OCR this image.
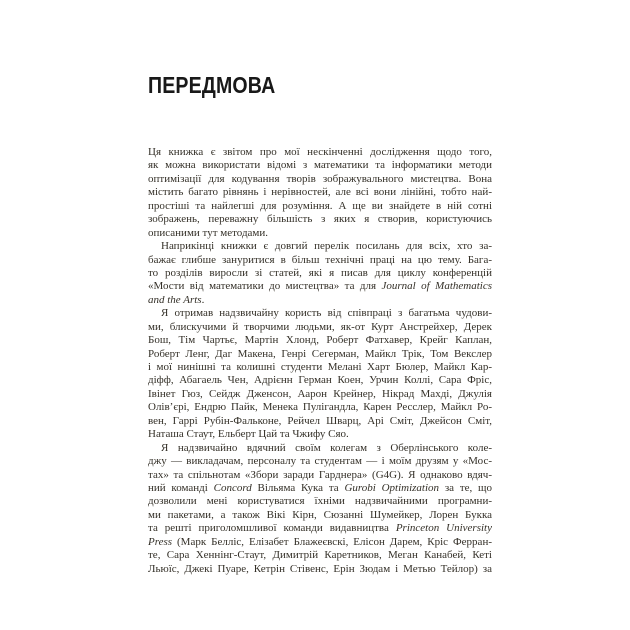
ПЕРЕДМОВА
Ця книжка є звітом про мої нескінченні дослідження щодо того,
як можна використати відомі з математики та інформатики методи
оптимізації для кодування творів зображувального мистецтва. Вона
містить багато рівнянь і нерівностей, але всі вони лінійні, тобто най-
простіші та найлегші для розуміння. А ще ви знайдете в ній сотні
зображень, переважну більшість з яких я створив, користуючись
описаними тут методами.
Наприкінці книжки є довгий перелік посилань для всіх, хто за-
бажає глибше зануритися в більш технічні праці на цю тему. Бага-
то розділів виросли зі статей, які я писав для циклу конференцій
«Мости від математики до мистецтва» та для Journal of Mathematics
and the Arts.
Я отримав надзвичайну користь від співпраці з багатьма чудови-
ми, блискучими й творчими людьми, як-от Курт Анстрейхер, Дерек
Бош, Тім Чартьє, Мартін Хлонд, Роберт Фатхавер, Крейг Каплан,
Роберт Ленг, Даг Макена, Генрі Сегерман, Майкл Трік, Том Векслер
і мої нинішні та колишні студенти Мелані Харт Бюлер, Майкл Кар-
діфф, Абагаель Чен, Адрієнн Герман Коен, Урчин Коллі, Сара Фріс,
Івінет Гюз, Сейдж Дженсон, Аарон Крейнер, Нікрад Махді, Джулія
Олів’єрі, Ендрю Пайк, Менека Пулігандла, Карен Ресслер, Майкл Ро-
вен, Гаррі Рубін-Фальконе, Рейчел Шварц, Арі Сміт, Джейсон Сміт,
Наташа Стаут, Ельберт Цай та Чжифу Сяо.
Я надзвичайно вдячний своїм колегам з Оберлінського коле-
джу — викладачам, персоналу та студентам — і моїм друзям у «Мос-
тах» та спільнотам «Збори заради Гарднера» (G4G). Я однаково вдяч-
ний команді Concord Вільяма Кука та Gurobi Optimization за те, що
дозволили мені користуватися їхніми надзвичайними програмни-
ми пакетами, а також Вікі Кірн, Сюзанні Шумейкер, Лорен Букка
та решті приголомшливої команди видавництва Princeton University
Press (Марк Белліс, Елізабет Блажеєвскі, Елісон Дарем, Кріс Ферран-
те, Сара Хеннінг-Стаут, Димитрій Каретников, Меган Канабей, Кеті
Льюїс, Джекі Пуаре, Кетрін Стівенс, Ерін Зюдам і Метью Тейлор) за
